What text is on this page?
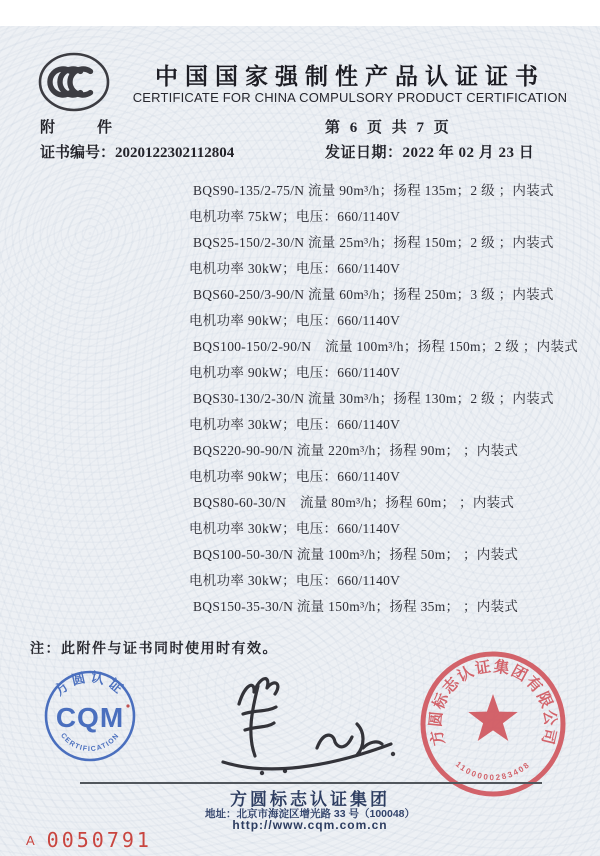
中国国家强制性产品认证证书
CERTIFICATE FOR CHINA COMPULSORY PRODUCT CERTIFICATION
附　　件	第 6 页 共 7 页
证书编号：2020122302112804	发证日期：2022 年 02 月 23 日
BQS90-135/2-75/N 流量 90m³/h；扬程 135m；2 级 ；内装式
电机功率 75kW；电压：660/1140V
BQS25-150/2-30/N 流量 25m³/h；扬程 150m；2 级 ；内装式
电机功率 30kW；电压：660/1140V
BQS60-250/3-90/N 流量 60m³/h；扬程 250m；3 级 ；内装式
电机功率 90kW；电压：660/1140V
BQS100-150/2-90/N　流量 100m³/h；扬程 150m；2 级 ；内装式
电机功率 90kW；电压：660/1140V
BQS30-130/2-30/N 流量 30m³/h；扬程 130m；2 级 ；内装式
电机功率 30kW；电压：660/1140V
BQS220-90-90/N 流量 220m³/h；扬程 90m； ；内装式
电机功率 90kW；电压：660/1140V
BQS80-60-30/N　流量 80m³/h；扬程 60m； ；内装式
电机功率 30kW；电压：660/1140V
BQS100-50-30/N 流量 100m³/h；扬程 50m； ；内装式
电机功率 30kW；电压：660/1140V
BQS150-35-30/N 流量 150m³/h；扬程 35m； ；内装式
注：此附件与证书同时使用时有效。
方圆认证
CQM
CERTIFICATION	方圆标志认证集团有限公司
1100000283408
方圆标志认证集团
地址：北京市海淀区增光路 33 号（100048）
http://www.cqm.com.cn
A 0050791
